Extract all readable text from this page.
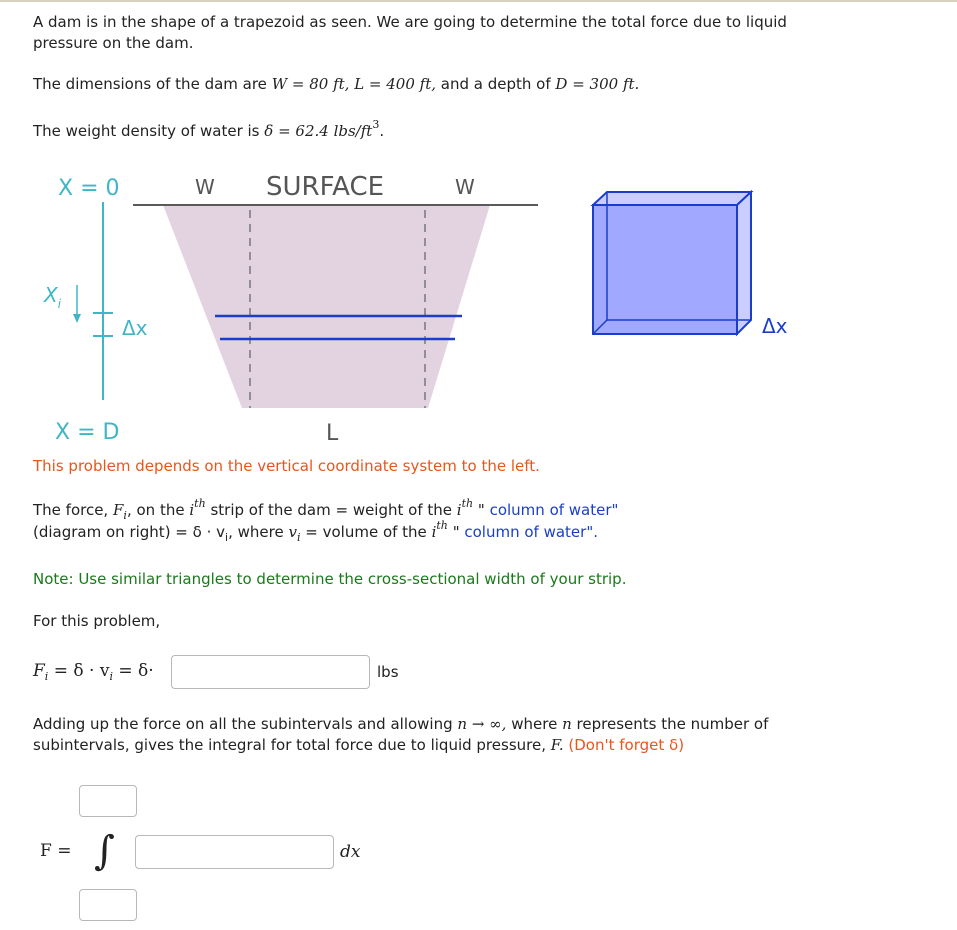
A dam is in the shape of a trapezoid as seen. We are going to determine the total force due to liquid
pressure on the dam.
The dimensions of the dam are W = 80 ft, L = 400 ft, and a depth of D = 300 ft.
The weight density of water is δ = 62.4 lbs/$ft^3$.
X = 0
$X_i$
Δx
X = D
W SURFACE	W
L
Δx
This problem depends on the vertical coordinate system to the left.
The force, $F_i$, on the $i^{th}$ strip of the dam = weight of the $i^{th}$ " column of water"
(diagram on right) = $\delta \cdot v_i$, where $v_i$ = volume of the $i^{th}$ " column of water".
Note: Use similar triangles to determine the cross-sectional width of your strip.
For this problem,
$F_i = \delta \cdot v_i = \delta\cdot$	lbs
Adding up the force on all the subintervals and allowing n → ∞, where n represents the number of
subintervals, gives the integral for total force due to liquid pressure, F. (Don't forget δ)
F = ∫	dx
